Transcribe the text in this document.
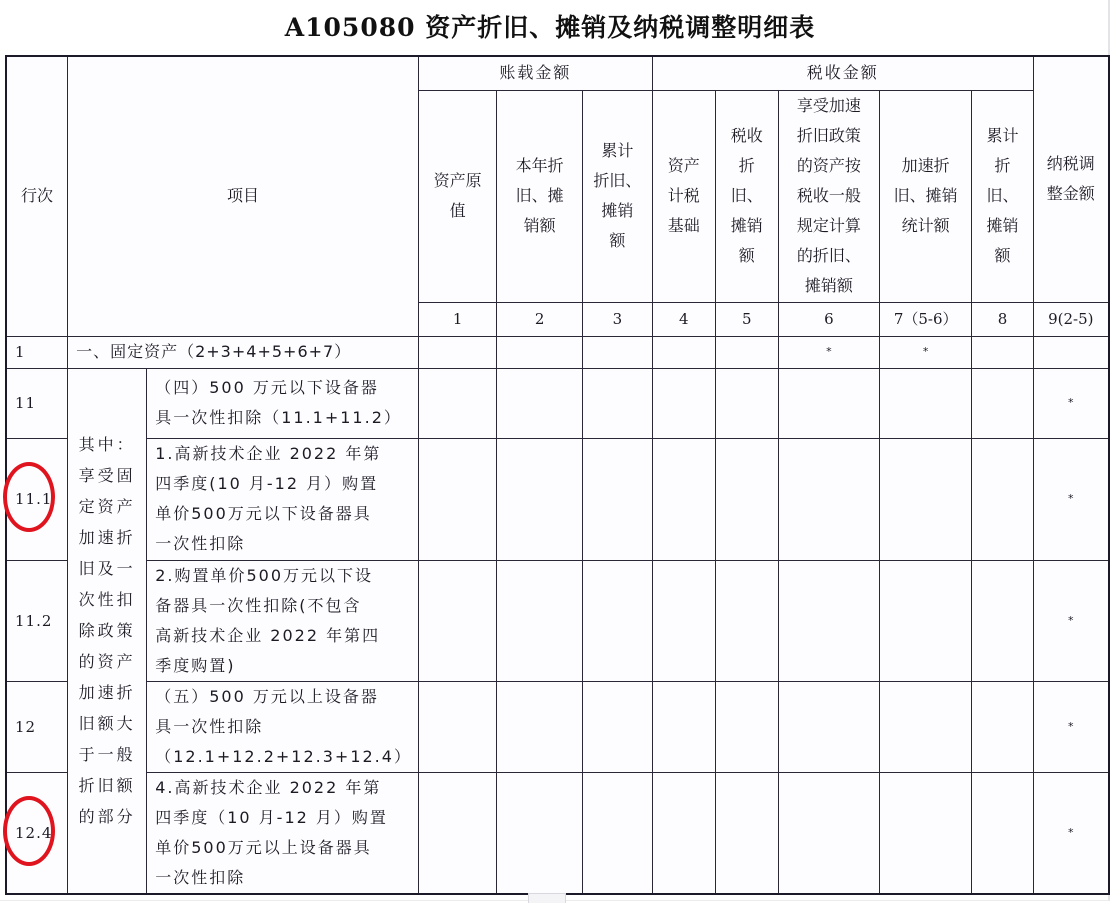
A105080 资产折旧、摊销及纳税调整明细表
行次	项目		账载金额			税收金额					纳税调
整金额
资产原
值	本年折
旧、摊
销额	累计
折旧、
摊销
额	资产
计税
基础	税收
折
旧、
摊销
额	享受加速
折旧政策
的资产按
税收一般
规定计算
的折旧、
摊销额	加速折
旧、摊销
统计额	累计
折
旧、
摊销
额
			1	2	3	4	5	6	7（5-6）	8	9(2-5)
1	一、固定资产（2+3+4+5+6+7）							*	*		
11	其中：
享受固
定资产
加速折
旧及一
次性扣
除政策
的资产
加速折
旧额大
于一般
折旧额
的部分	（四）500 万元以下设备器
具一次性扣除（11.1+11.2）									*
11.1		1.高新技术企业 2022 年第
四季度(10 月-12 月）购置
单价500万元以下设备器具
一次性扣除									*
11.2		2.购置单价500万元以下设
备器具一次性扣除(不包含
高新技术企业 2022 年第四
季度购置)									*
12		（五）500 万元以上设备器
具一次性扣除
（12.1+12.2+12.3+12.4）									*
12.4		4.高新技术企业 2022 年第
四季度（10 月-12 月）购置
单价500万元以上设备器具
一次性扣除									*
